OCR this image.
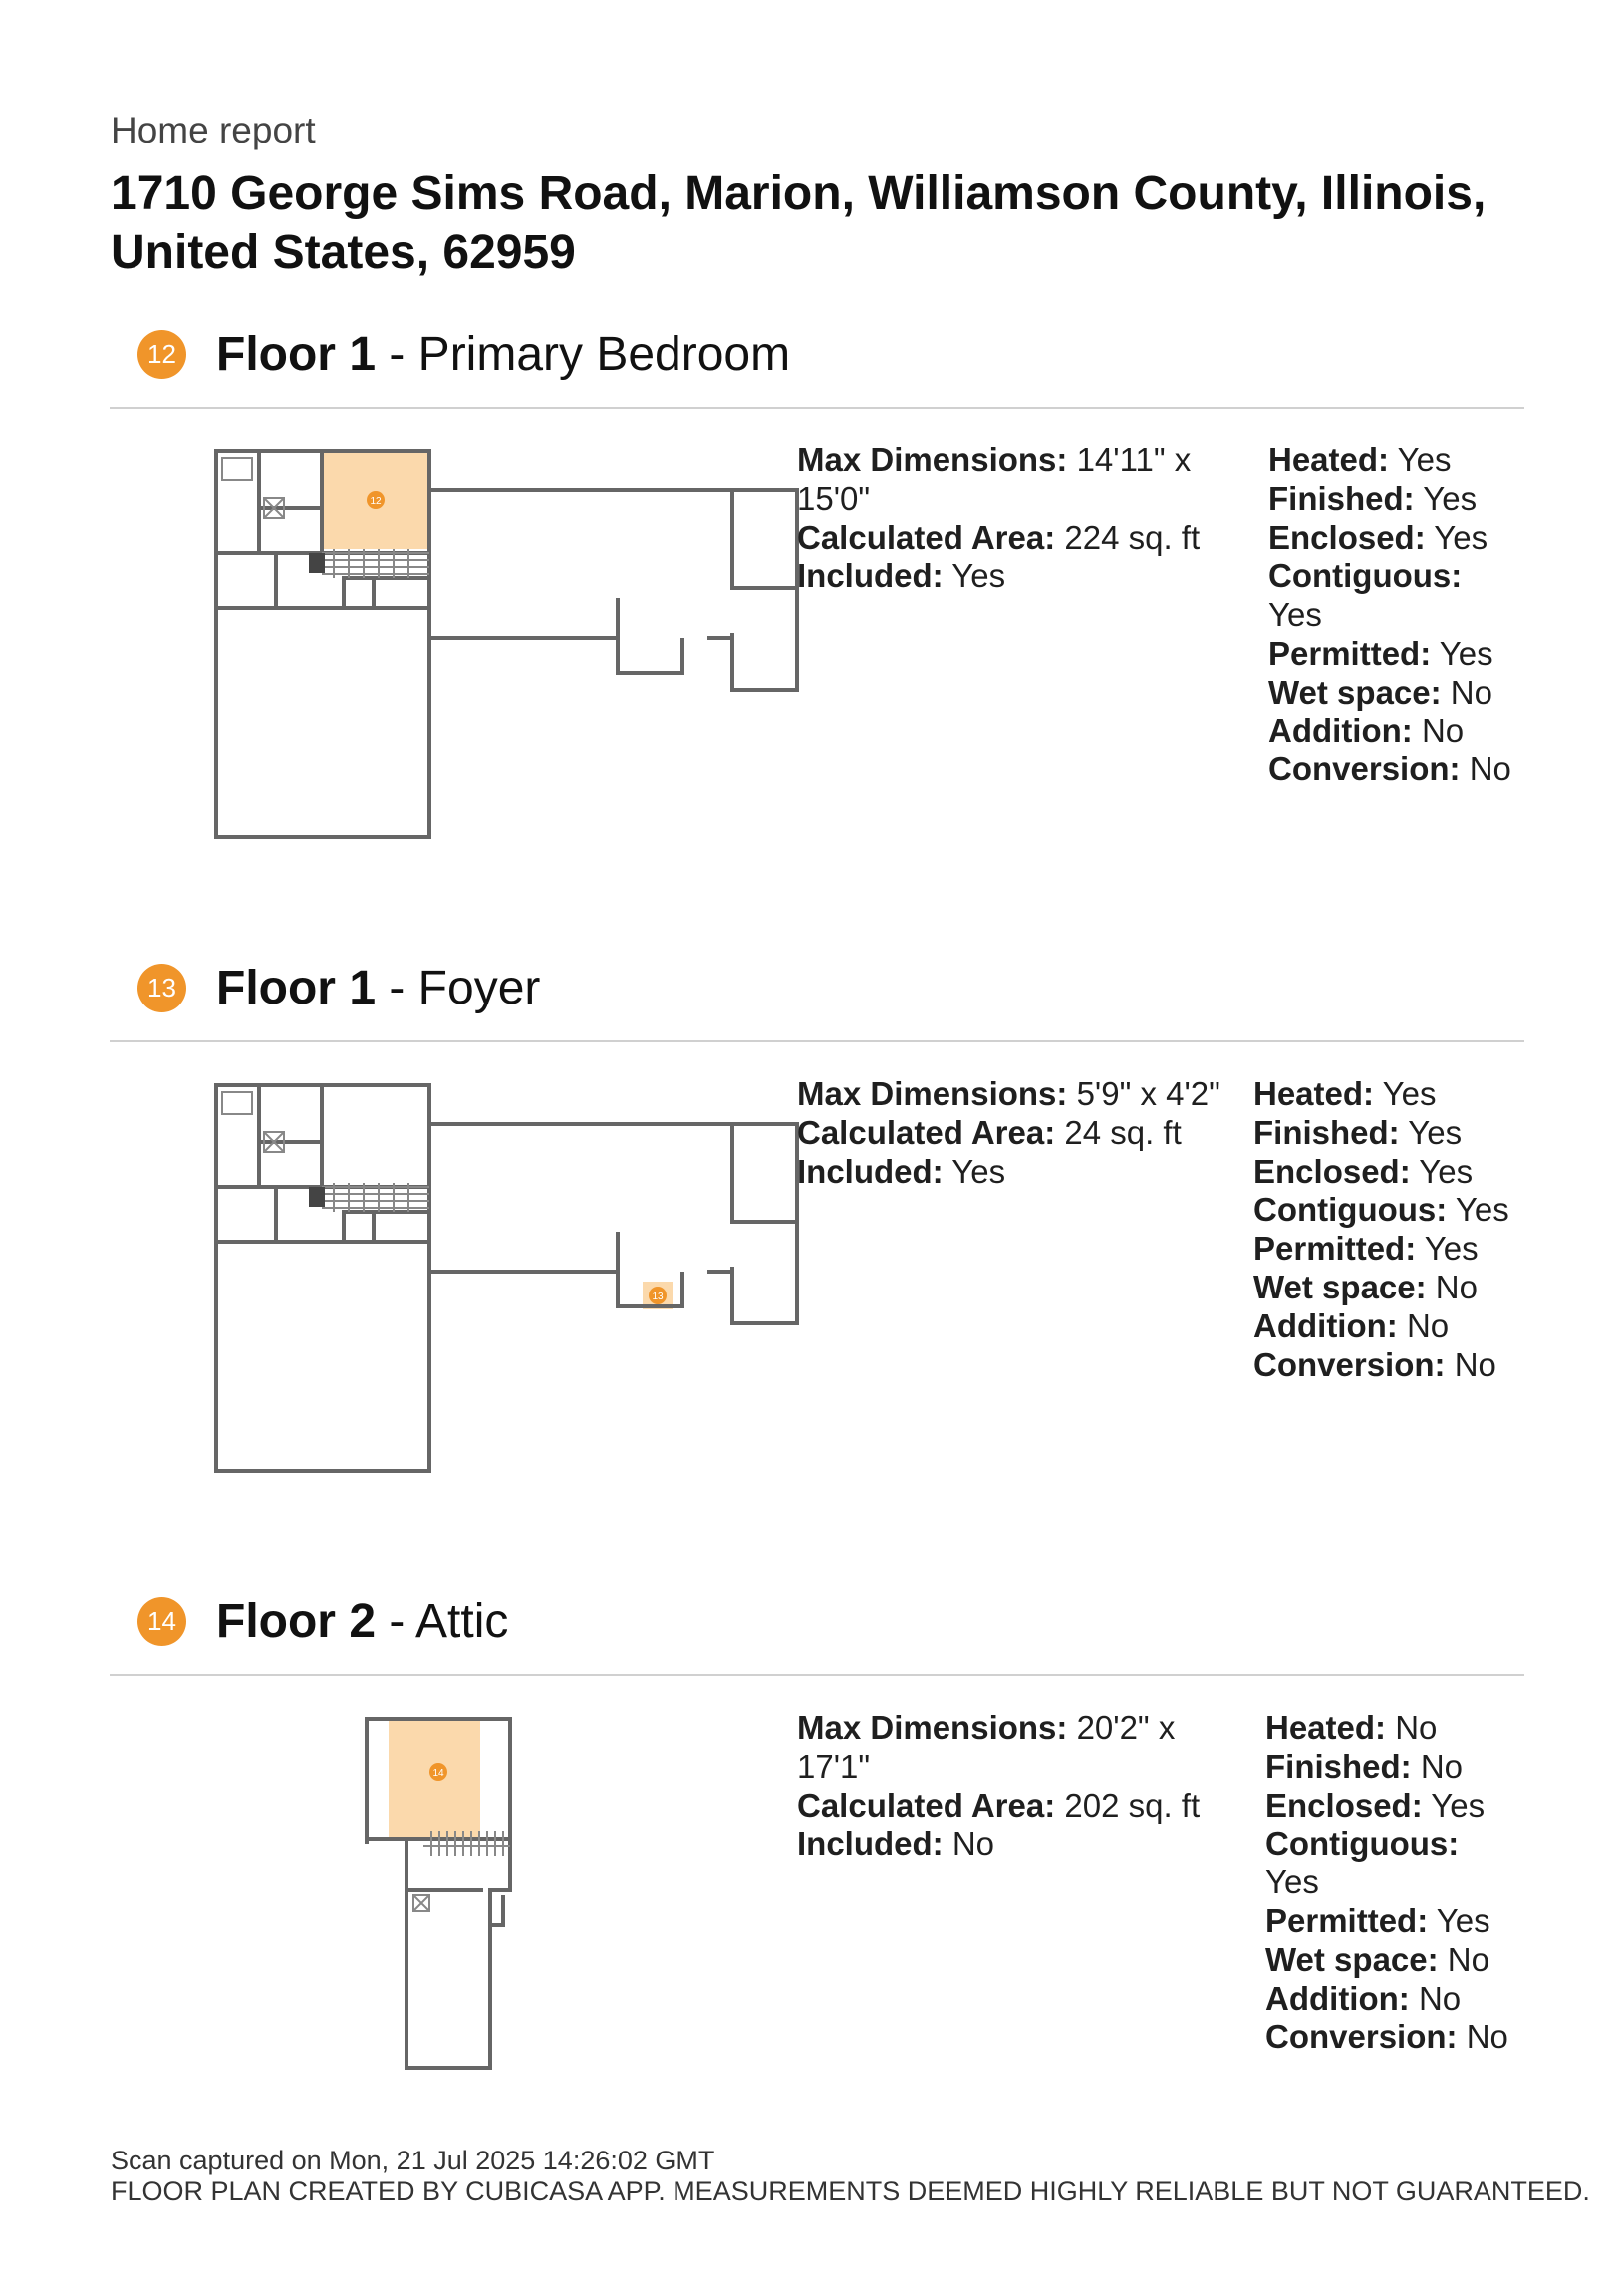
Home report
1710 George Sims Road, Marion, Williamson County, Illinois,
United States, 62959
12 Floor 1 - Primary Bedroom
12
Max Dimensions: 14'11" x
15'0"
Calculated Area: 224 sq. ft
Included: Yes
Heated: Yes
Finished: Yes
Enclosed: Yes
Contiguous:
Yes
Permitted: Yes
Wet space: No
Addition: No
Conversion: No
13 Floor 1 - Foyer
13
Max Dimensions: 5'9" x 4'2"
Calculated Area: 24 sq. ft
Included: Yes
Heated: Yes
Finished: Yes
Enclosed: Yes
Contiguous: Yes
Permitted: Yes
Wet space: No
Addition: No
Conversion: No
14 Floor 2 - Attic
14
Max Dimensions: 20'2" x
17'1"
Calculated Area: 202 sq. ft
Included: No
Heated: No
Finished: No
Enclosed: Yes
Contiguous:
Yes
Permitted: Yes
Wet space: No
Addition: No
Conversion: No
Scan captured on Mon, 21 Jul 2025 14:26:02 GMT
FLOOR PLAN CREATED BY CUBICASA APP. MEASUREMENTS DEEMED HIGHLY RELIABLE BUT NOT GUARANTEED.
